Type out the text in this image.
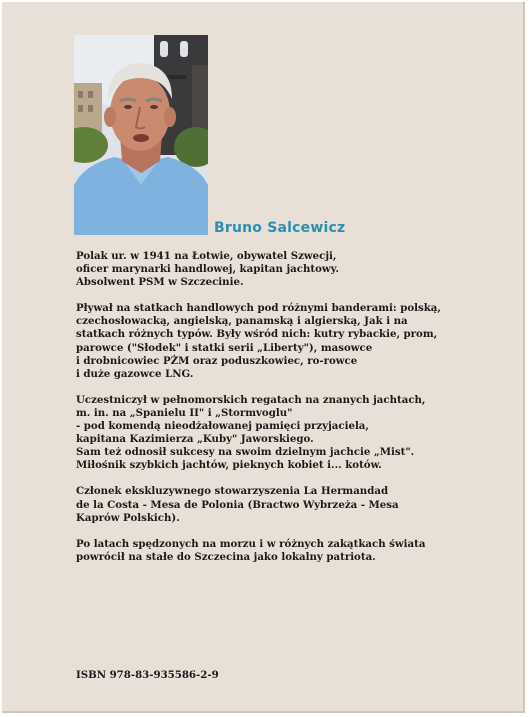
Bruno Salcewicz

Polak ur. w 1941 na Łotwie, obywatel Szwecji,
oficer marynarki handlowej, kapitan jachtowy.
Absolwent PSM w Szczecinie.

Pływał na statkach handlowych pod różnymi banderami: polską,
czechosłowacką, angielską, panamską i algierską, Jak i na
statkach różnych typów. Były wśród nich: kutry rybackie, prom,
parowce ("Słodek" i statki serii „Liberty"), masowce
i drobnicowiec PŻM oraz poduszkowiec, ro-rowce
i duże gazowce LNG.

Uczestniczył w pełnomorskich regatach na znanych jachtach,
m. in. na „Spanielu II" i „Stormvoglu"
- pod komendą nieodżałowanej pamięci przyjaciela,
kapitana Kazimierza „Kuby" Jaworskiego.
Sam też odnosił sukcesy na swoim dzielnym jachcie „Mist".
Miłośnik szybkich jachtów, pieknych kobiet i... kotów.

Członek ekskluzywnego stowarzyszenia La Hermandad
de la Costa - Mesa de Polonia (Bractwo Wybrzeża - Mesa
Kaprów Polskich).

Po latach spędzonych na morzu i w różnych zakątkach świata
powrócił na stałe do Szczecina jako lokalny patriota.

ISBN 978-83-935586-2-9
